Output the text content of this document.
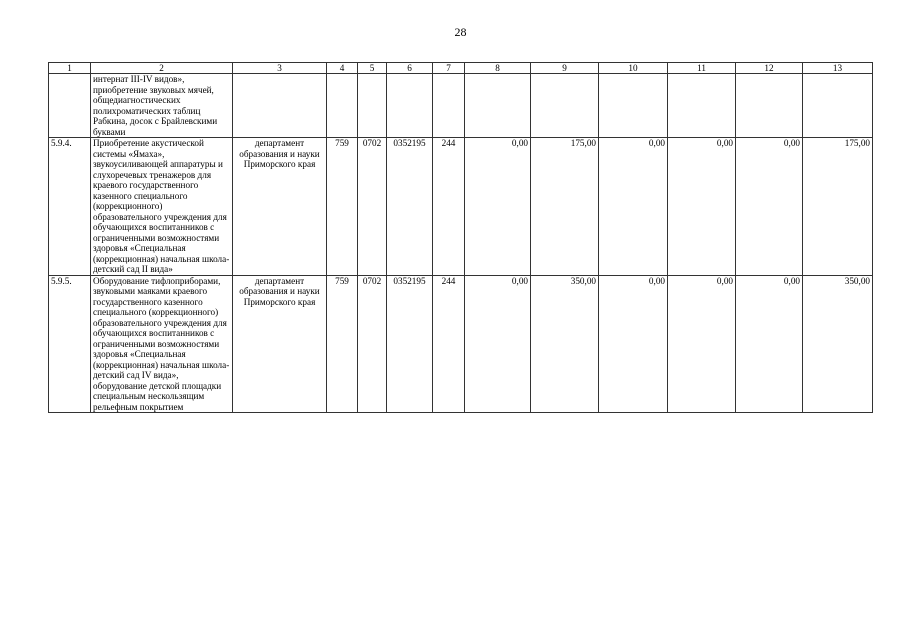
28
1	2	3	4	5	6	7	8	9	10	11	12	13
	интернат III-IV видов», приобретение звуковых мячей, общедиагностических полихроматических таблиц Рабкина, досок с Брайлевскими буквами											
5.9.4.	Приобретение акустической системы «Ямаха», звукоусиливающей аппаратуры и слухоречевых тренажеров для краевого государственного казенного специального (коррекционного) образовательного учреждения для обучающихся воспитанников с ограниченными возможностями здоровья «Специальная (коррекционная) начальная школа-детский сад II вида»	департамент образования и науки Приморского края	759	0702	0352195	244	0,00	175,00	0,00	0,00	0,00	175,00
5.9.5.	Оборудование тифлоприборами, звуковыми маяками краевого государственного казенного специального (коррекционного) образовательного учреждения для обучающихся воспитанников с ограниченными возможностями здоровья «Специальная (коррекционная) начальная школа-детский сад IV вида», оборудование детской площадки специальным нескользящим рельефным покрытием	департамент образования и науки Приморского края	759	0702	0352195	244	0,00	350,00	0,00	0,00	0,00	350,00
